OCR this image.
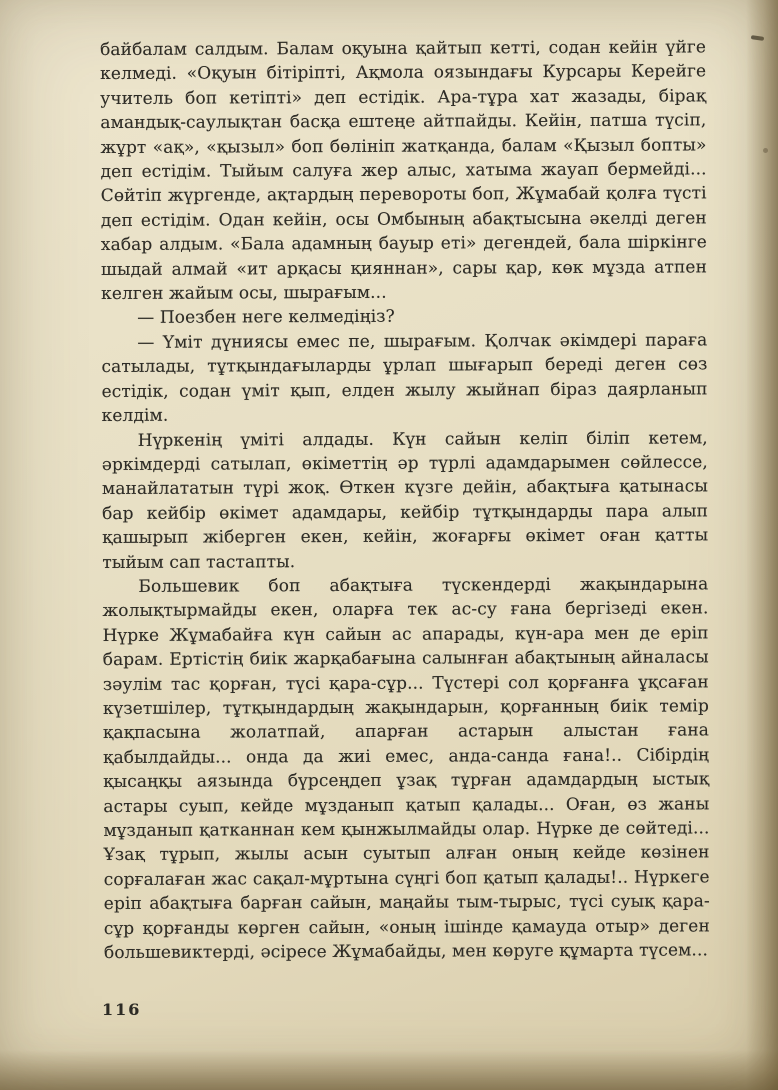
байбалам салдым. Балам оқуына қайтып кетті, содан кейін үйге келмеді. «Оқуын бітіріпті, Ақмола оязындағы Курсары Керейге учитель боп кетіпті» деп естідік. Ара-тұра хат жазады, бірақ амандық-саулықтан басқа ештеңе айтпайды. Кейін, патша түсіп, жұрт «ақ», «қызыл» боп бөлініп жатқанда, балам «Қызыл бопты» деп естідім. Тыйым салуға жер алыс, хатыма жауап бермейді... Сөйтіп жүргенде, ақтардың перевороты боп, Жұмабай қолға түсті деп естідім. Одан кейін, осы Омбының абақтысына әкелді деген хабар алдым. «Бала адамның бауыр еті» дегендей, бала шіркінге шыдай алмай «ит арқасы қияннан», сары қар, көк мұзда атпен келген жайым осы, шырағым...

— Поезбен неге келмедіңіз?

— Үміт дүниясы емес пе, шырағым. Қолчак әкімдері параға сатылады, тұтқындағыларды ұрлап шығарып береді деген сөз естідік, содан үміт қып, елден жылу жыйнап біраз даярланып келдім.

Нүркенің үміті алдады. Күн сайын келіп біліп кетем, әркімдерді сатылап, өкіметтің әр түрлі адамдарымен сөйлессе, манайлататын түрі жоқ. Өткен күзге дейін, абақтыға қатынасы бар кейбір өкімет адамдары, кейбір тұтқындарды пара алып қашырып жіберген екен, кейін, жоғарғы өкімет оған қатты тыйым сап тастапты.

Большевик боп абақтыға түскендерді жақындарына жолықтырмайды екен, оларға тек ас-су ғана бергізеді екен. Нүрке Жұмабайға күн сайын ас апарады, күн-ара мен де еріп барам. Ертістің биік жарқабағына салынған абақтының айналасы зәулім тас қорған, түсі қара-сұр... Түстері сол қорғанға ұқсаған күзетшілер, тұтқындардың жақындарын, қорғанның биік темір қақпасына жолатпай, апарған астарын алыстан ғана қабылдайды... онда да жиі емес, анда-санда ғана!.. Сібірдің қысаңқы аязында бүрсеңдеп ұзақ тұрған адамдардың ыстық астары суып, кейде мұзданып қатып қалады... Оған, өз жаны мұзданып қатканнан кем қынжылмайды олар. Нүрке де сөйтеді... Ұзақ тұрып, жылы асын суытып алған оның кейде көзінен сорғалаған жас сақал-мұртына сүңгі боп қатып қалады!.. Нүркеге еріп абақтыға барған сайын, маңайы тым-тырыс, түсі суық қара-сұр қорғанды көрген сайын, «оның ішінде қамауда отыр» деген большевиктерді, әсіресе Жұмабайды, мен көруге құмарта түсем...

116
